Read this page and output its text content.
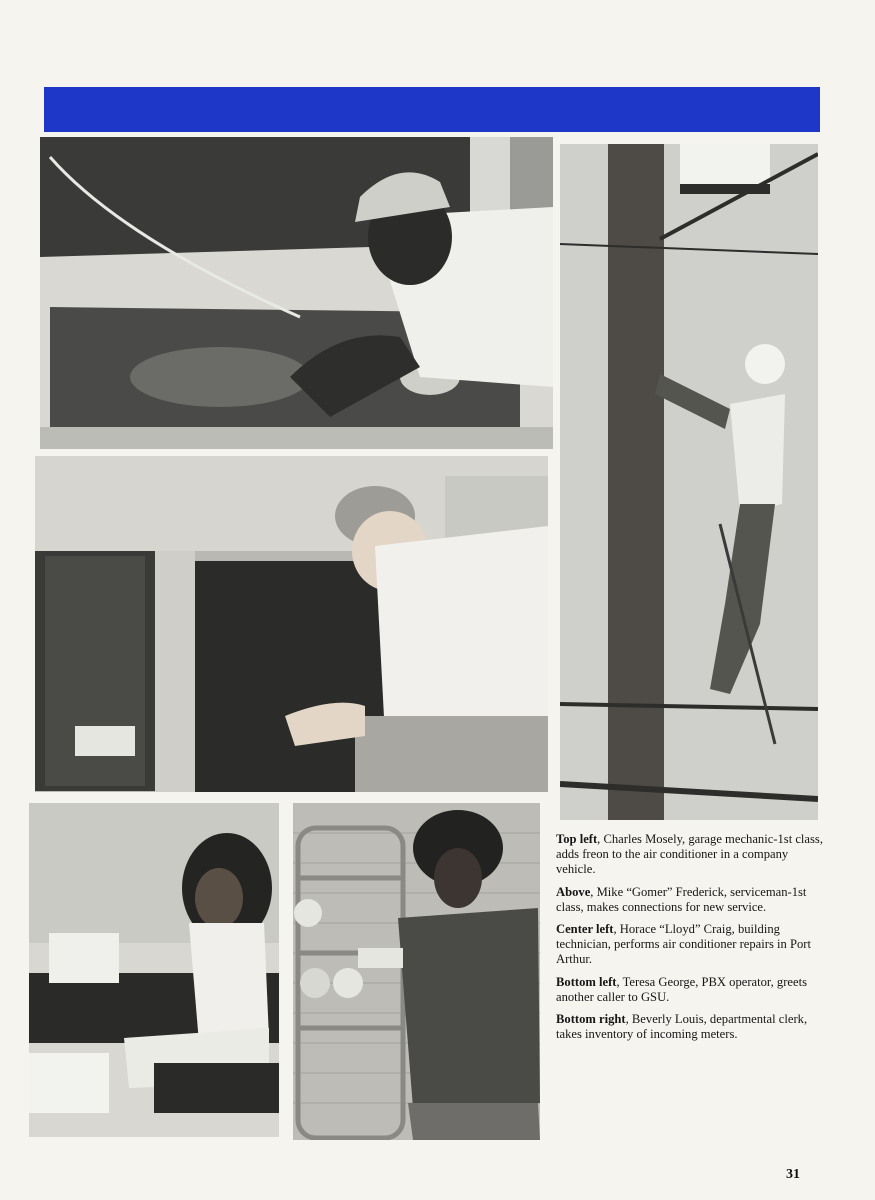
Top left, Charles Mosely, garage mechanic-1st class, adds freon to the air conditioner in a company vehicle.

Above, Mike “Gomer” Frederick, serviceman-1st class, makes connections for new service.

Center left, Horace “Lloyd” Craig, building technician, performs air conditioner repairs in Port Arthur.

Bottom left, Teresa George, PBX operator, greets another caller to GSU.

Bottom right, Beverly Louis, departmental clerk, takes inventory of incoming meters.

31
